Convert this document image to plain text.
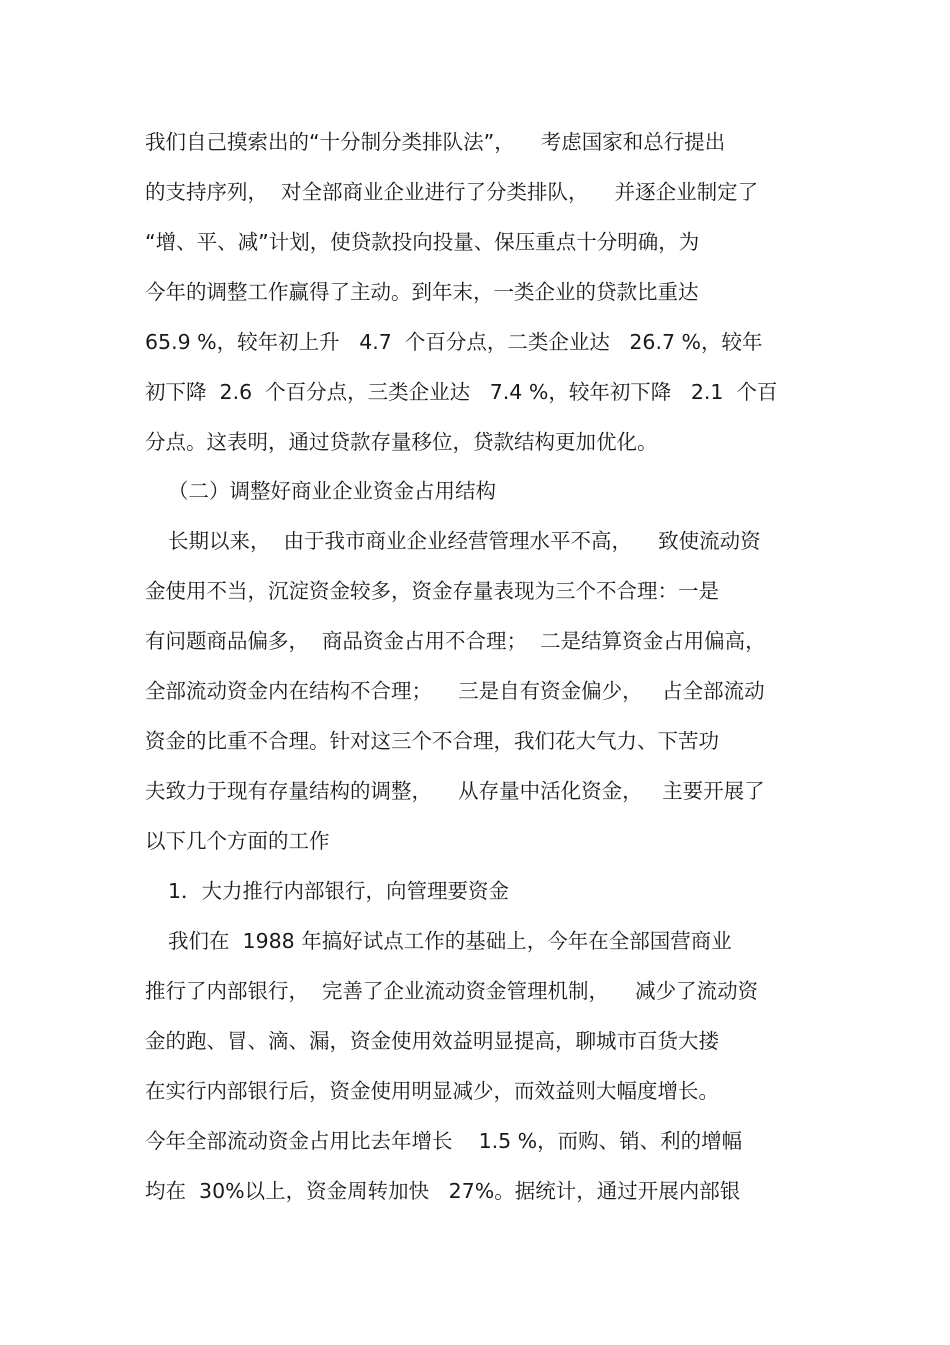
我们自己摸索出的“十分制分类排队法”，    考虑国家和总行提出
的支持序列，  对全部商业企业进行了分类排队，    并逐企业制定了
“增、平、减”计划，使贷款投向投量、保压重点十分明确，为
今年的调整工作赢得了主动。到年末，一类企业的贷款比重达
65.9 %，较年初上升   4.7  个百分点，二类企业达   26.7 %，较年
初下降  2.6  个百分点，三类企业达   7.4 %，较年初下降   2.1  个百
分点。这表明，通过贷款存量移位，贷款结构更加优化。
（二）调整好商业企业资金占用结构
长期以来，  由于我市商业企业经营管理水平不高，    致使流动资
金使用不当，沉淀资金较多，资金存量表现为三个不合理：一是
有问题商品偏多，  商品资金占用不合理；  二是结算资金占用偏高，
全部流动资金内在结构不合理；    三是自有资金偏少，   占全部流动
资金的比重不合理。针对这三个不合理，我们花大气力、下苦功
夫致力于现有存量结构的调整，    从存量中活化资金，   主要开展了
以下几个方面的工作
1．大力推行内部银行，向管理要资金
我们在  1988 年搞好试点工作的基础上，今年在全部国营商业
推行了内部银行，  完善了企业流动资金管理机制，    减少了流动资
金的跑、冒、滴、漏，资金使用效益明显提高，聊城市百货大搂
在实行内部银行后，资金使用明显减少，而效益则大幅度增长。
今年全部流动资金占用比去年增长    1.5 %，而购、销、利的增幅
均在  30%以上，资金周转加快   27%。据统计，通过开展内部银
